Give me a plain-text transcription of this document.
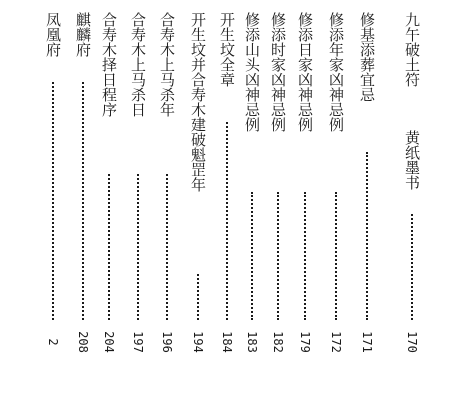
九午破土符
黄纸墨书
170
修基添葬宜忌
171
修添年家凶神忌例
172
修添日家凶神忌例
179
修添时家凶神忌例
182
修添山头凶神忌例
183
开生坟全章
184
开生坟并合寿木建破魁罡年
194
合寿木上马杀年
196
合寿木上马杀日
197
合寿木择日程序
204
麒麟府
208
凤凰府
2
